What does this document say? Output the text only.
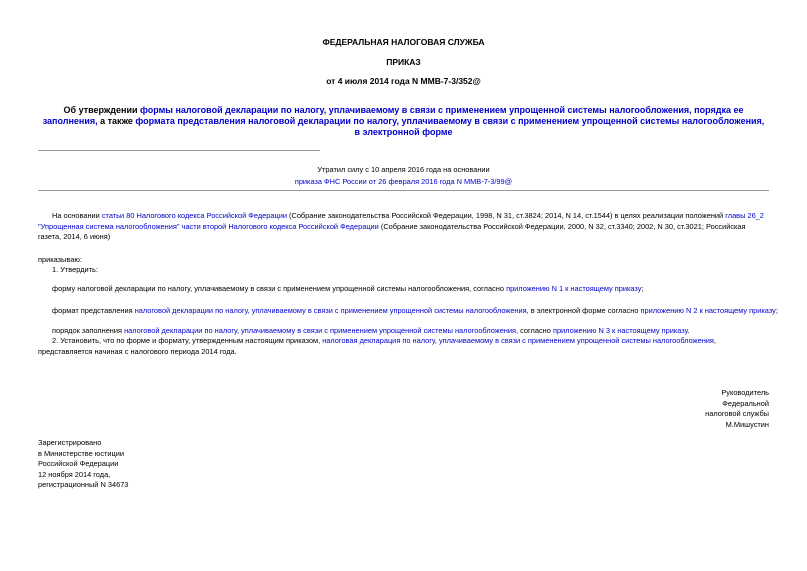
ФЕДЕРАЛЬНАЯ НАЛОГОВАЯ СЛУЖБА
ПРИКАЗ
от 4 июля 2014 года N ММВ-7-3/352@
Об утверждении формы налоговой декларации по налогу, уплачиваемому в связи с применением упрощенной системы налогообложения, порядка ее заполнения, а также формата представления налоговой декларации по налогу, уплачиваемому в связи с применением упрощенной системы налогообложения, в электронной форме
Утратил силу с 10 апреля 2016 года на основании
приказа ФНС России от 26 февраля 2016 года N ММВ-7-3/99@
На основании статьи 80 Налогового кодекса Российской Федерации (Собрание законодательства Российской Федерации, 1998, N 31, ст.3824; 2014, N 14, ст.1544) в целях реализации положений главы 26_2 "Упрощенная система налогообложения" части второй Налогового кодекса Российской Федерации (Собрание законодательства Российской Федерации, 2000, N 32, ст.3340; 2002, N 30, ст.3021; Российская газета, 2014, 6 июня)
приказываю:
1. Утвердить:
форму налоговой декларации по налогу, уплачиваемому в связи с применением упрощенной системы налогообложения, согласно приложению N 1 к настоящему приказу;
формат представления налоговой декларации по налогу, уплачиваемому в связи с применением упрощенной системы налогообложения, в электронной форме согласно приложению N 2 к настоящему приказу;
порядок заполнения налоговой декларации по налогу, уплачиваемому в связи с применением упрощенной системы налогообложения, согласно приложению N 3 к настоящему приказу.
2. Установить, что по форме и формату, утвержденным настоящим приказом, налоговая декларация по налогу, уплачиваемому в связи с применением упрощенной системы налогообложения, представляется начиная с налогового периода 2014 года.
Руководитель
Федеральной
налоговой службы
М.Мишустин
Зарегистрировано
в Министерстве юстиции
Российской Федерации
12 ноября 2014 года,
регистрационный N 34673
